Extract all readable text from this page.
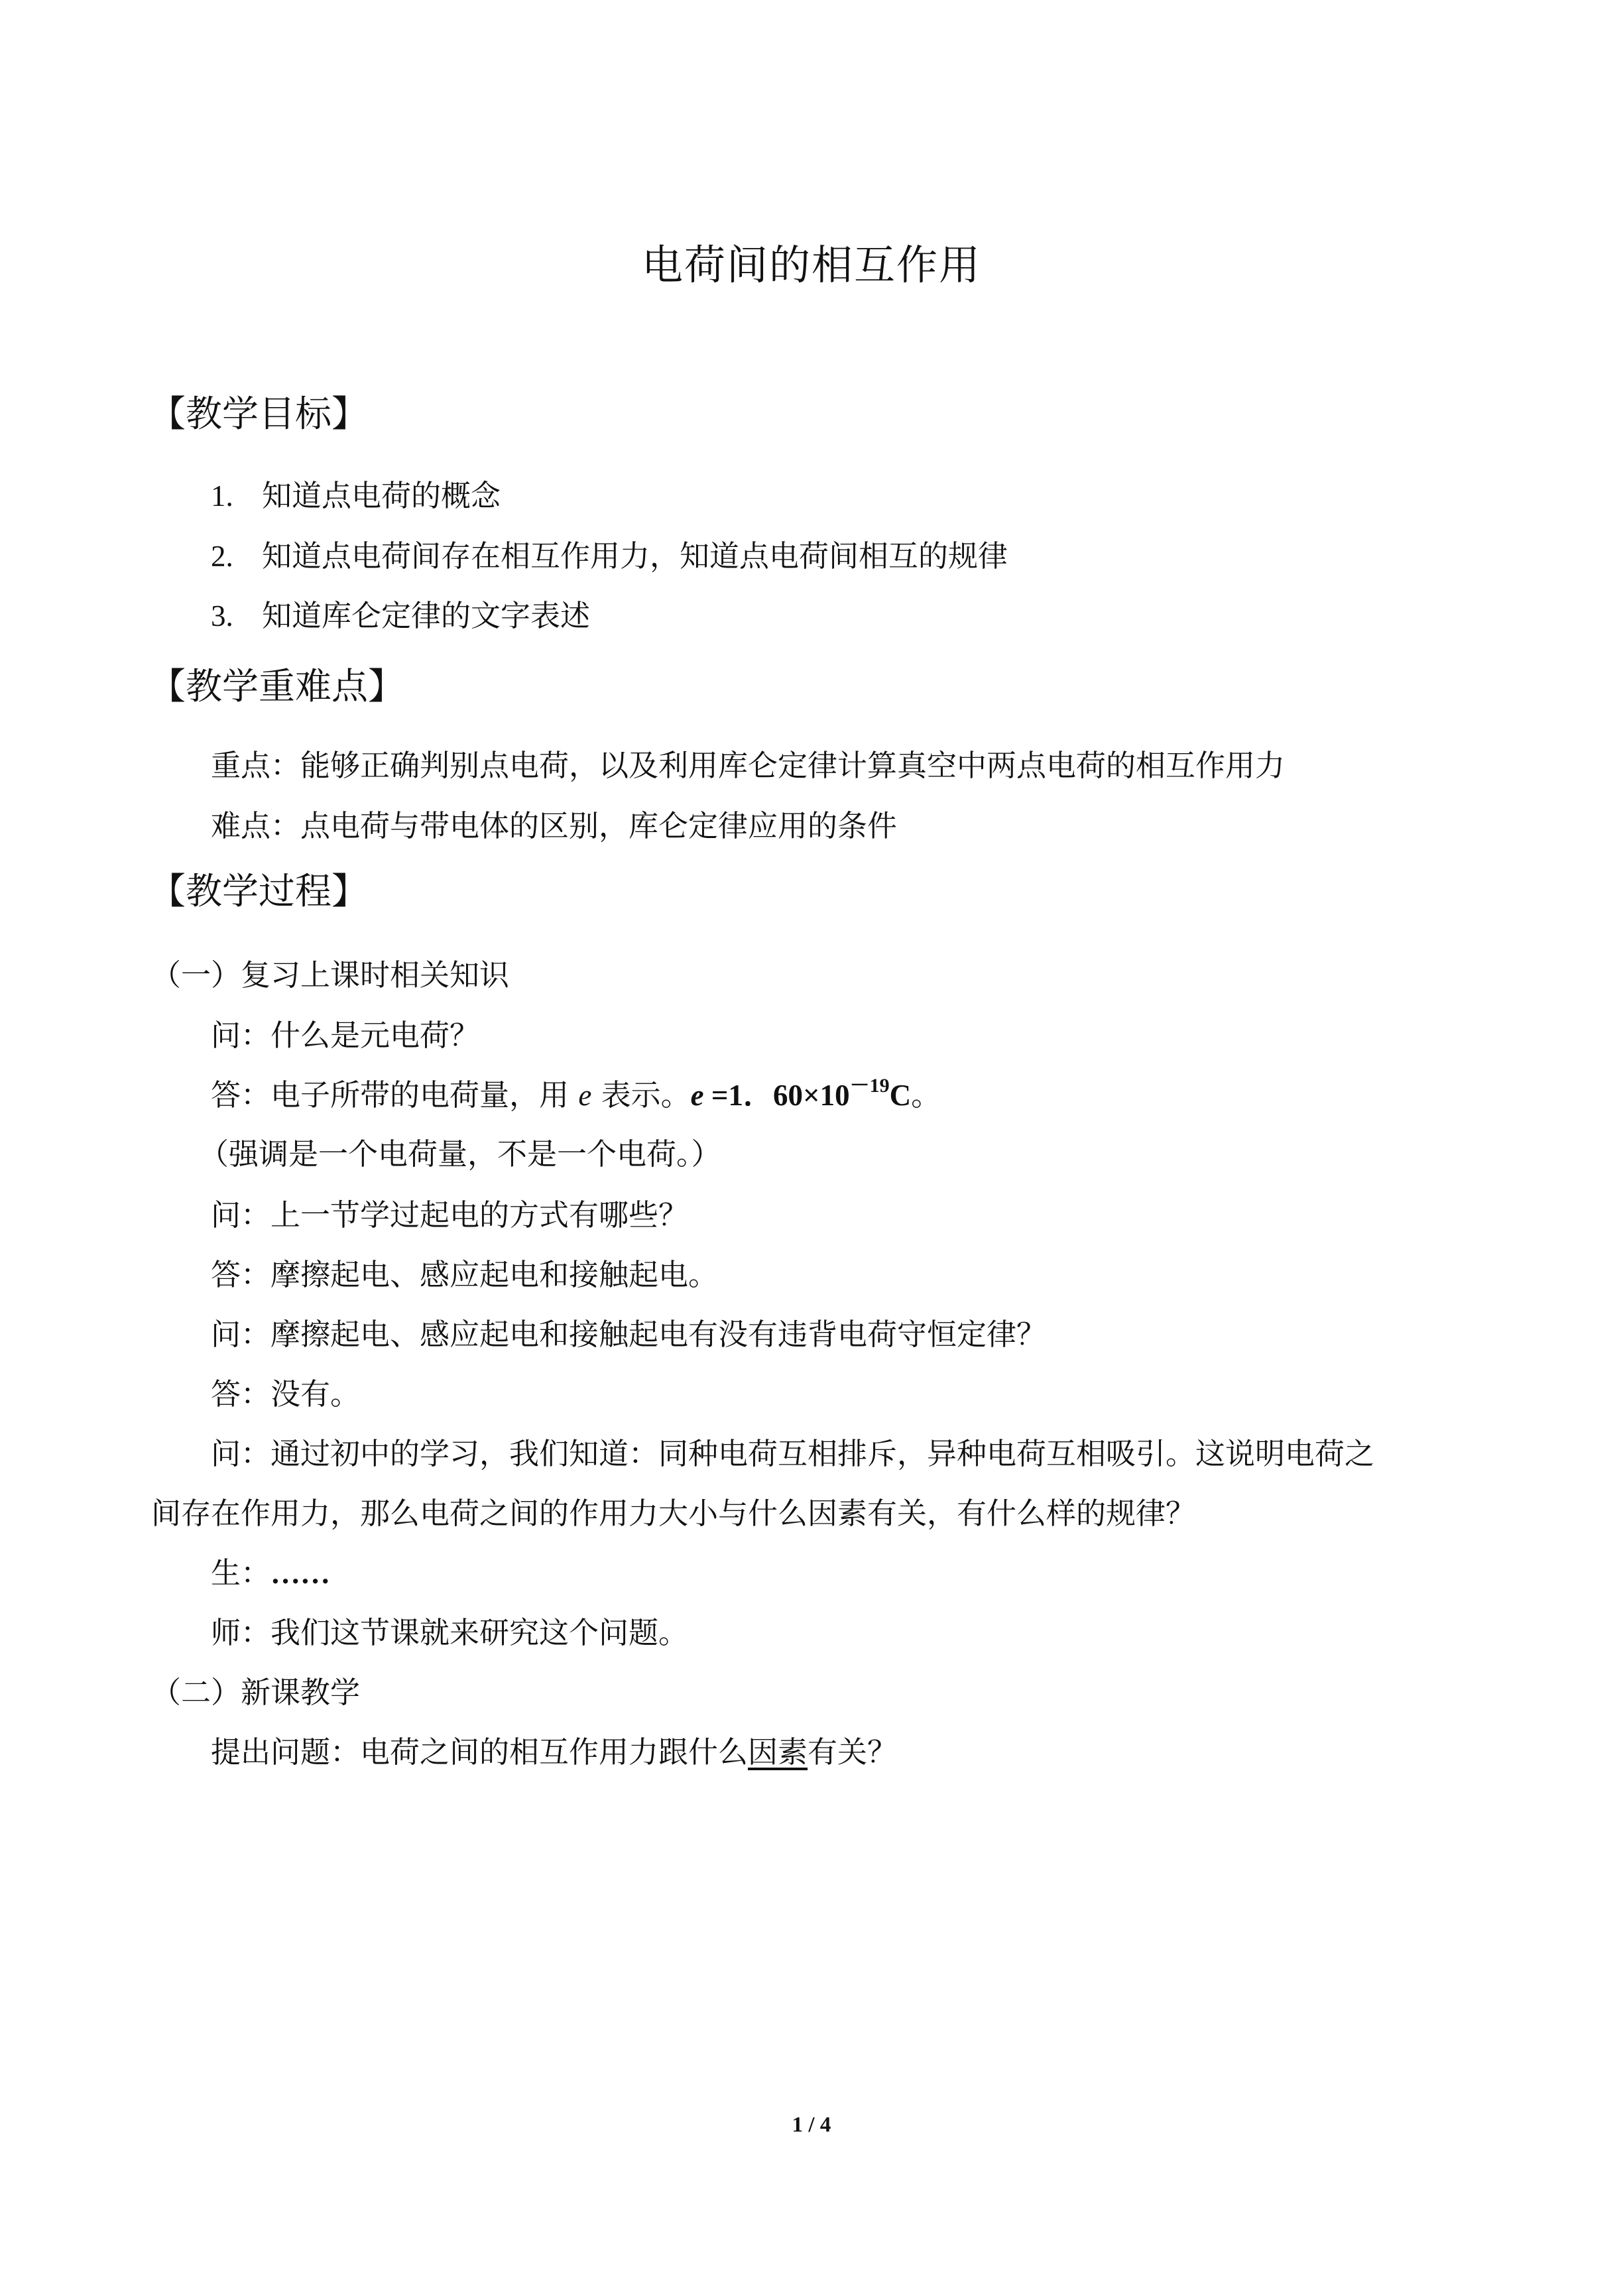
电荷间的相互作用
【教学目标】
1. 知道点电荷的概念
2. 知道点电荷间存在相互作用力，知道点电荷间相互的规律
3. 知道库仑定律的文字表述
【教学重难点】
重点：能够正确判别点电荷，以及利用库仑定律计算真空中两点电荷的相互作用力
难点：点电荷与带电体的区别，库仑定律应用的条件
【教学过程】
（一）复习上课时相关知识
问：什么是元电荷？
答：电子所带的电荷量，用 e 表示。e =1．$60\times 10^{-19}C$。
（强调是一个电荷量，不是一个电荷。）
问：上一节学过起电的方式有哪些？
答：摩擦起电、感应起电和接触起电。
问：摩擦起电、感应起电和接触起电有没有违背电荷守恒定律？
答：没有。
问：通过初中的学习，我们知道：同种电荷互相排斥，异种电荷互相吸引。这说明电荷之
间存在作用力，那么电荷之间的作用力大小与什么因素有关，有什么样的规律？
生：……
师：我们这节课就来研究这个问题。
（二）新课教学
提出问题：电荷之间的相互作用力跟什么因素有关？
1 / 4
